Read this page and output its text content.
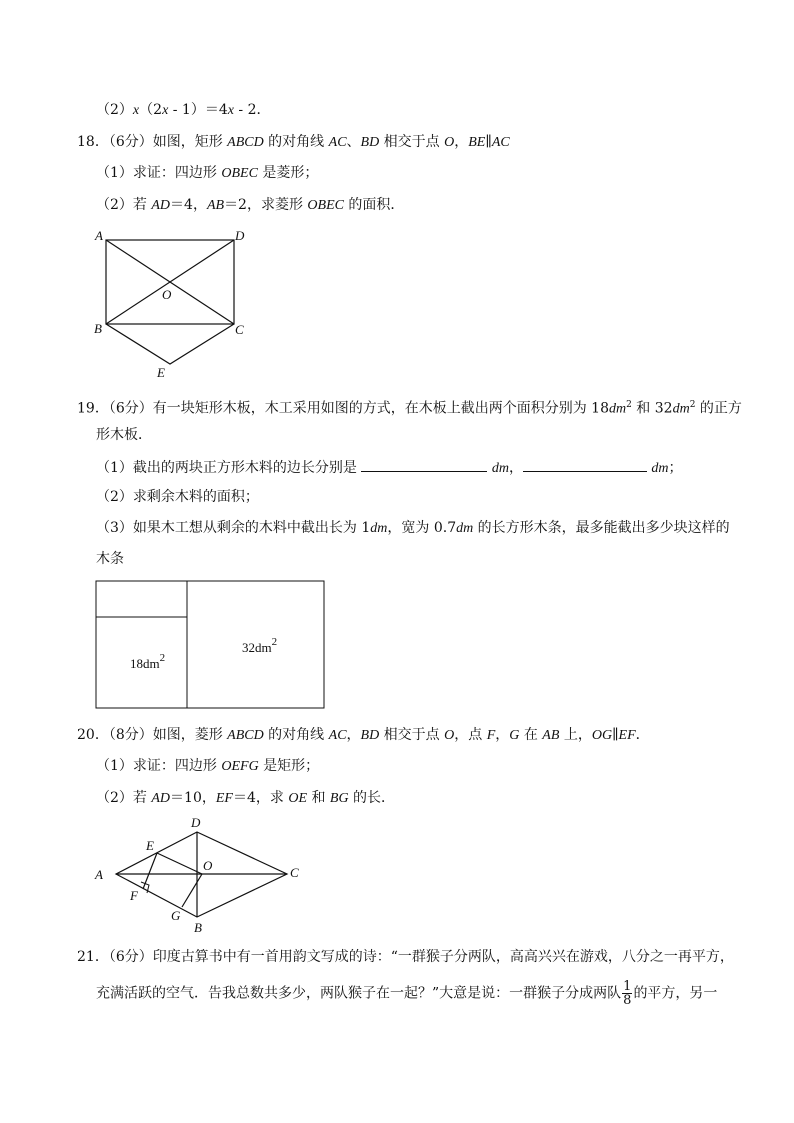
（2）x（2x - 1）＝4x - 2．
18．（6分）如图，矩形 ABCD 的对角线 AC、BD 相交于点 O，BE∥AC
（1）求证：四边形 OBEC 是菱形；
（2）若 AD＝4，AB＝2，求菱形 OBEC 的面积．
A	D
O
B	C
E
19．（6分）有一块矩形木板，木工采用如图的方式，在木板上截出两个面积分别为 $18dm^2$ 和 $32dm^2$ 的正方
形木板．
（1）截出的两块正方形木料的边长分别是	dm，	dm；
（2）求剩余木料的面积；
（3）如果木工想从剩余的木料中截出长为 1dm，宽为 0.7dm 的长方形木条，最多能截出多少块这样的
木条
$18dm^2$
$32dm^2$
20．（8分）如图，菱形 ABCD 的对角线 AC，BD 相交于点 O，点 F，G 在 AB 上，OG∥EF．
（1）求证：四边形 OEFG 是矩形；
（2）若 AD＝10，EF＝4，求 OE 和 BG 的长．
D
E
O
A	C
F
G
B
21．（6分）印度古算书中有一首用韵文写成的诗：“一群猴子分两队，高高兴兴在游戏，八分之一再平方，
充满活跃的空气．告我总数共多少，两队猴子在一起？”大意是说：一群猴子分成两队 $\frac{1}{8}$ 的平方，另一
